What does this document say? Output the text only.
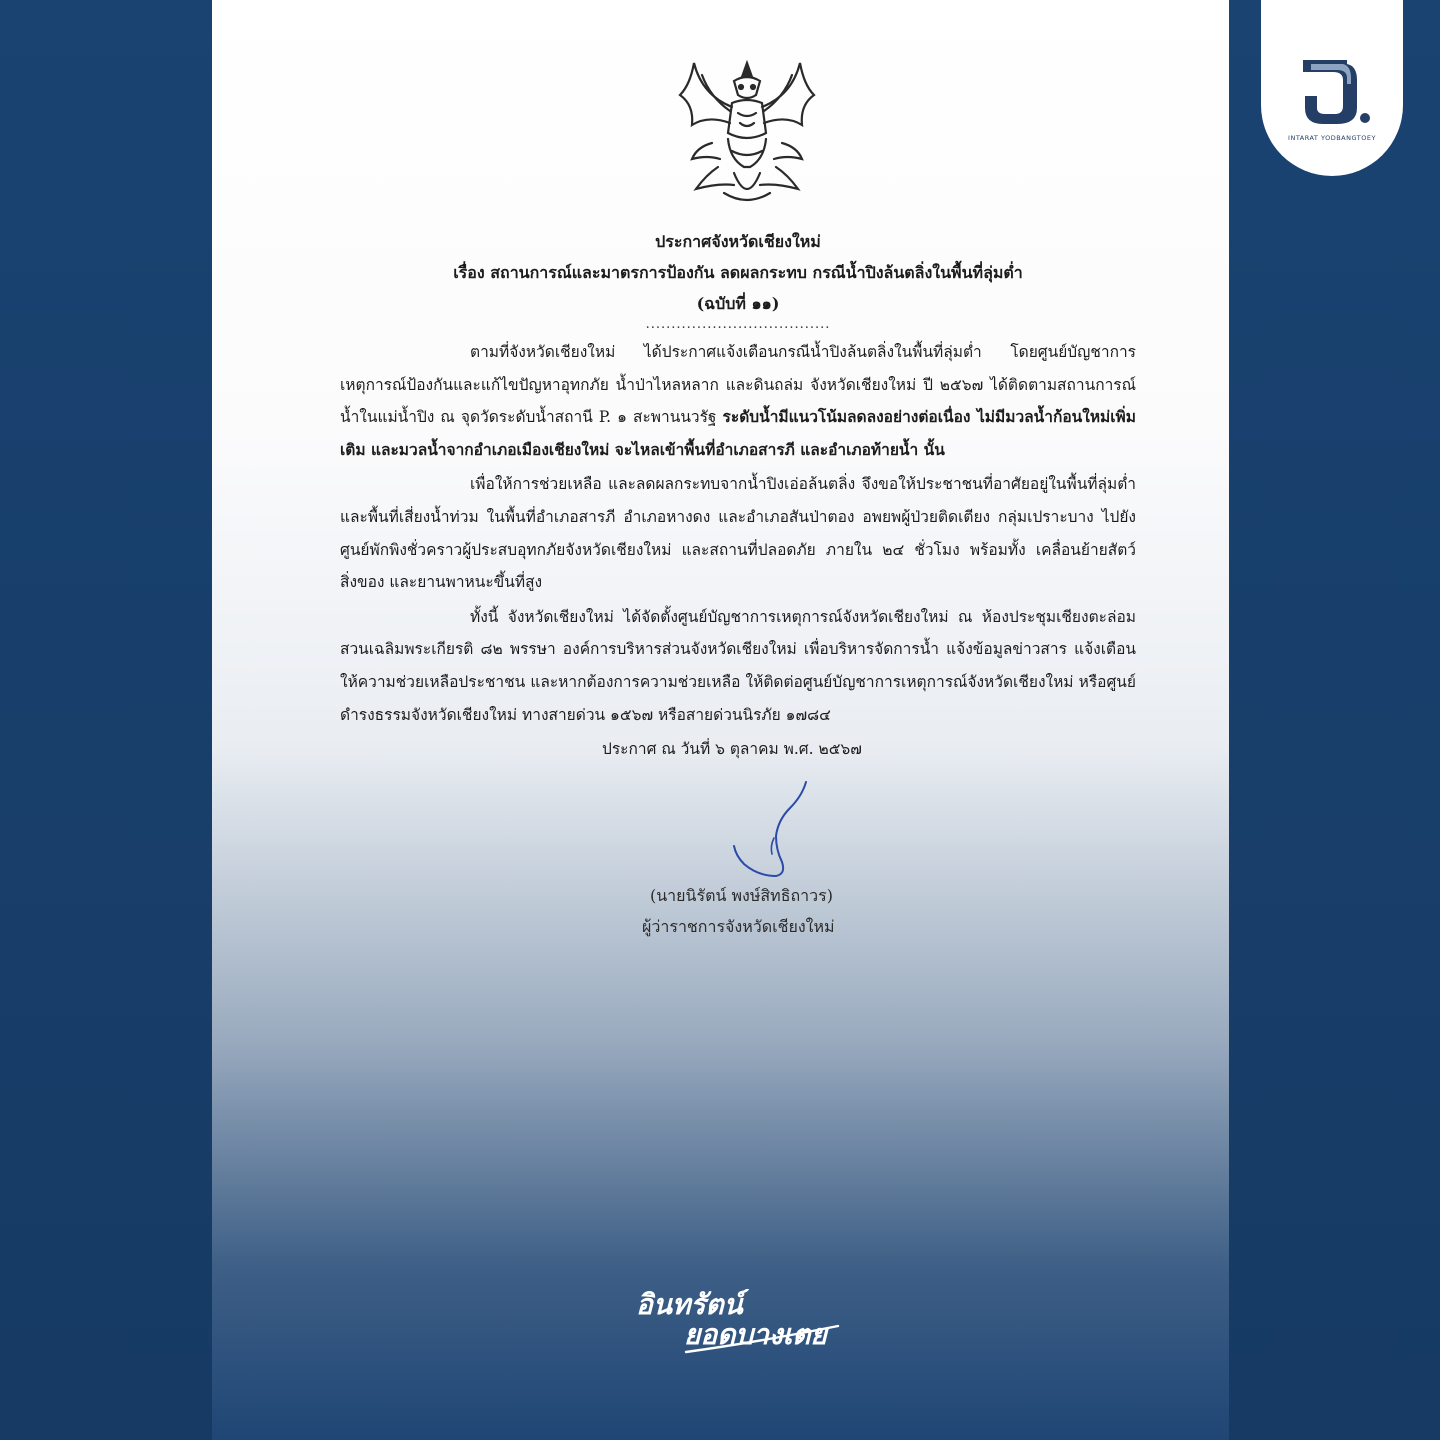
INTARAT YODBANGTOEY
ประกาศจังหวัดเชียงใหม่
เรื่อง สถานการณ์และมาตรการป้องกัน ลดผลกระทบ กรณีน้ำปิงล้นตลิ่งในพื้นที่ลุ่มต่ำ
(ฉบับที่ ๑๑)
....................................

ตามที่จังหวัดเชียงใหม่ ได้ประกาศแจ้งเตือนกรณีน้ำปิงล้นตลิ่งในพื้นที่ลุ่มต่ำ โดยศูนย์บัญชาการเหตุการณ์ป้องกันและแก้ไขปัญหาอุทกภัย น้ำป่าไหลหลาก และดินถล่ม จังหวัดเชียงใหม่ ปี ๒๕๖๗ ได้ติดตามสถานการณ์น้ำในแม่น้ำปิง ณ จุดวัดระดับน้ำสถานี P. ๑ สะพานนวรัฐ ระดับน้ำมีแนวโน้มลดลงอย่างต่อเนื่อง ไม่มีมวลน้ำก้อนใหม่เพิ่มเติม และมวลน้ำจากอำเภอเมืองเชียงใหม่ จะไหลเข้าพื้นที่อำเภอสารภี และอำเภอท้ายน้ำ นั้น

เพื่อให้การช่วยเหลือ และลดผลกระทบจากน้ำปิงเอ่อล้นตลิ่ง จึงขอให้ประชาชนที่อาศัยอยู่ในพื้นที่ลุ่มต่ำ และพื้นที่เสี่ยงน้ำท่วม ในพื้นที่อำเภอสารภี อำเภอหางดง และอำเภอสันป่าตอง อพยพผู้ป่วยติดเตียง กลุ่มเปราะบาง ไปยังศูนย์พักพิงชั่วคราวผู้ประสบอุทกภัยจังหวัดเชียงใหม่ และสถานที่ปลอดภัย ภายใน ๒๔ ชั่วโมง พร้อมทั้ง เคลื่อนย้ายสัตว์ สิ่งของ และยานพาหนะขึ้นที่สูง

ทั้งนี้ จังหวัดเชียงใหม่ ได้จัดตั้งศูนย์บัญชาการเหตุการณ์จังหวัดเชียงใหม่ ณ ห้องประชุมเชียงตะล่อม สวนเฉลิมพระเกียรติ ๘๒ พรรษา องค์การบริหารส่วนจังหวัดเชียงใหม่ เพื่อบริหารจัดการน้ำ แจ้งข้อมูลข่าวสาร แจ้งเตือน ให้ความช่วยเหลือประชาชน และหากต้องการความช่วยเหลือ ให้ติดต่อศูนย์บัญชาการเหตุการณ์จังหวัดเชียงใหม่ หรือศูนย์ดำรงธรรมจังหวัดเชียงใหม่ ทางสายด่วน ๑๕๖๗ หรือสายด่วนนิรภัย ๑๗๘๔

ประกาศ ณ วันที่ ๖ ตุลาคม พ.ศ. ๒๕๖๗
(นายนิรัตน์ พงษ์สิทธิถาวร)
ผู้ว่าราชการจังหวัดเชียงใหม่
อินทรัตน์
ยอดบางเตย
